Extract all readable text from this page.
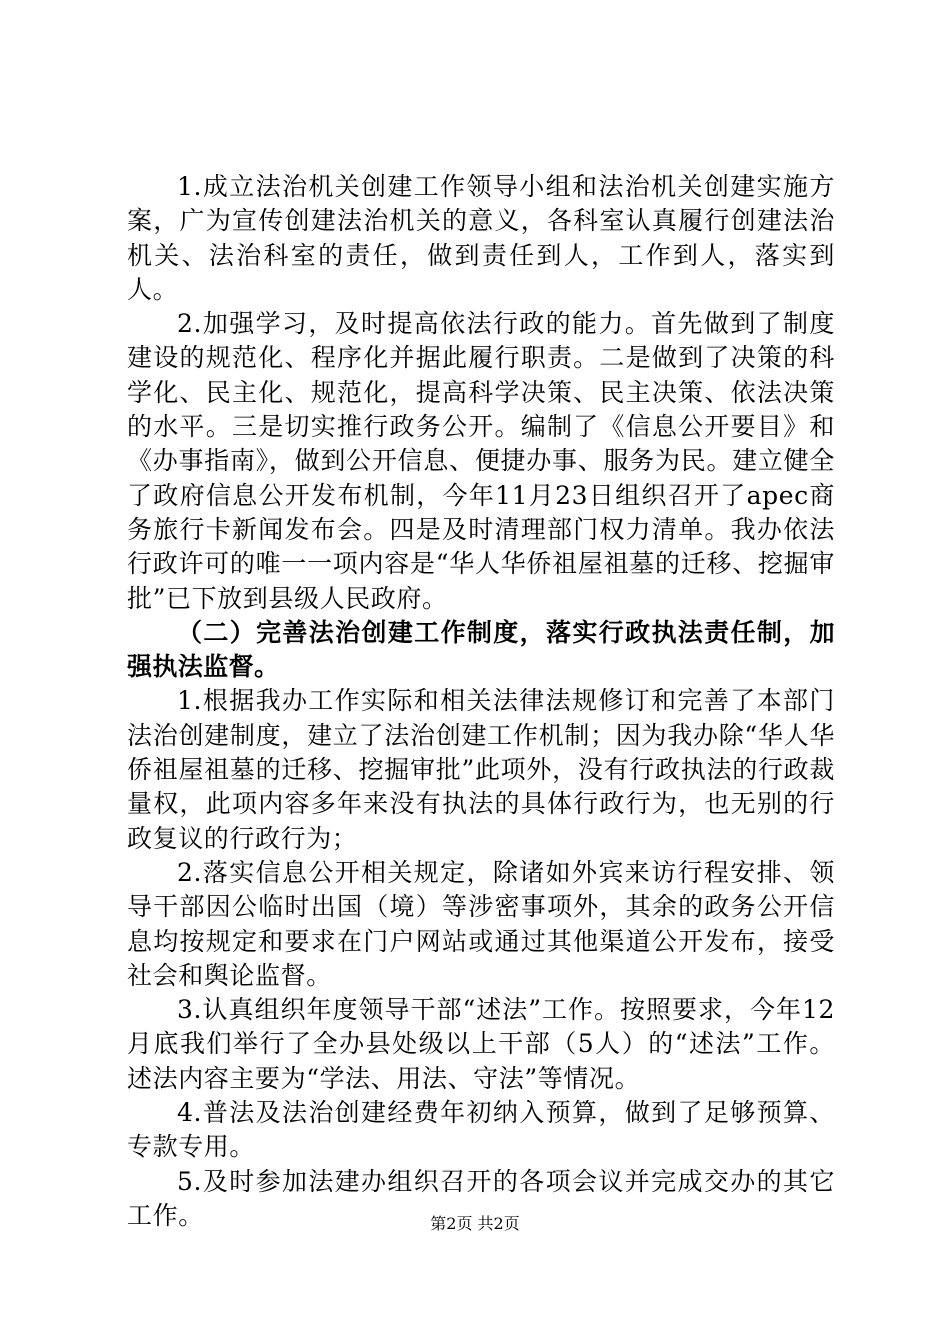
1.成立法治机关创建工作领导小组和法治机关创建实施方案，广为宣传创建法治机关的意义，各科室认真履行创建法治机关、法治科室的责任，做到责任到人，工作到人，落实到人。

2.加强学习，及时提高依法行政的能力。首先做到了制度建设的规范化、程序化并据此履行职责。二是做到了决策的科学化、民主化、规范化，提高科学决策、民主决策、依法决策的水平。三是切实推行政务公开。编制了《信息公开要目》和《办事指南》，做到公开信息、便捷办事、服务为民。建立健全了政府信息公开发布机制，今年11月23日组织召开了apec商务旅行卡新闻发布会。四是及时清理部门权力清单。我办依法行政许可的唯一一项内容是“华人华侨祖屋祖墓的迁移、挖掘审批”已下放到县级人民政府。

（二）完善法治创建工作制度，落实行政执法责任制，加强执法监督。

1.根据我办工作实际和相关法律法规修订和完善了本部门法治创建制度，建立了法治创建工作机制；因为我办除“华人华侨祖屋祖墓的迁移、挖掘审批”此项外，没有行政执法的行政裁量权，此项内容多年来没有执法的具体行政行为，也无别的行政复议的行政行为；

2.落实信息公开相关规定，除诸如外宾来访行程安排、领导干部因公临时出国（境）等涉密事项外，其余的政务公开信息均按规定和要求在门户网站或通过其他渠道公开发布，接受社会和舆论监督。

3.认真组织年度领导干部“述法”工作。按照要求，今年12月底我们举行了全办县处级以上干部（5人）的“述法”工作。述法内容主要为“学法、用法、守法”等情况。

4.普法及法治创建经费年初纳入预算，做到了足够预算、专款专用。

5.及时参加法建办组织召开的各项会议并完成交办的其它工作。	第2页 共2页
